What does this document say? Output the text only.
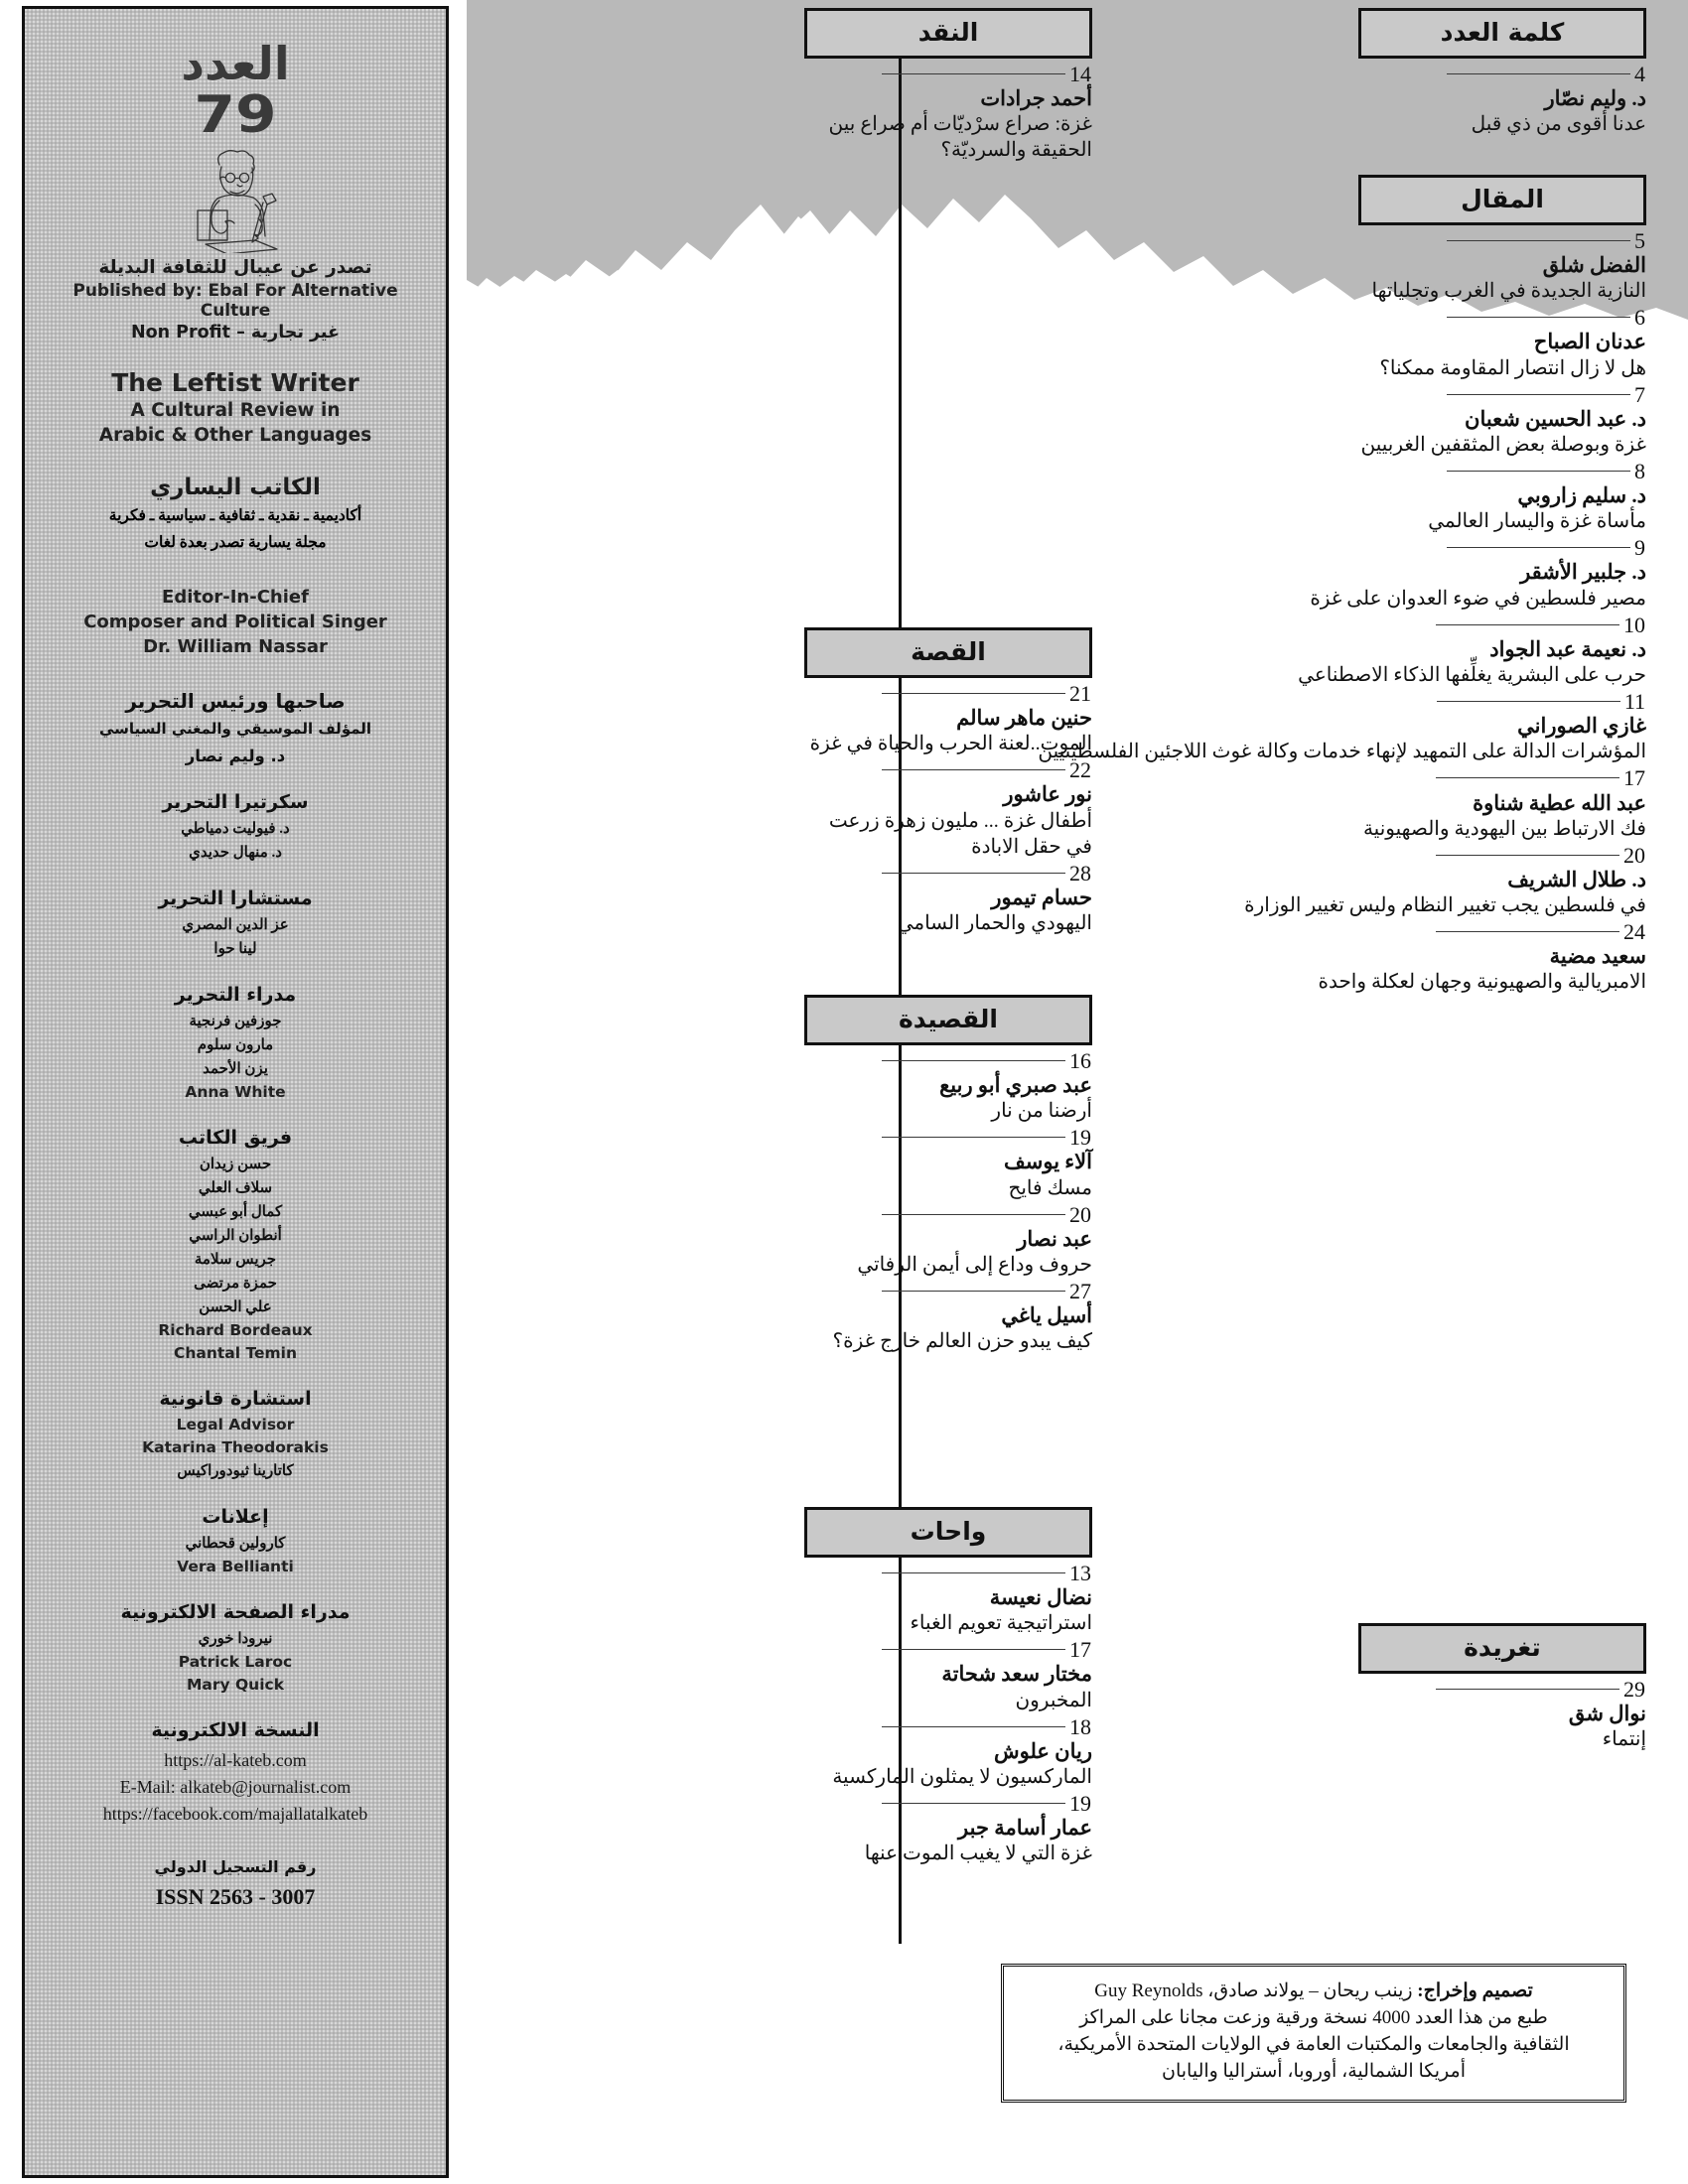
العدد
79
تصدر عن عيبال للثقافة البديلة
Published by: Ebal For Alternative Culture
غير تجارية – Non Profit
The Leftist Writer
A Cultural Review in
Arabic & Other Languages
الكاتب اليساري
أكاديمية ـ نقدية ـ ثقافية ـ سياسية ـ فكرية
مجلة يسارية تصدر بعدة لغات
Editor-In-Chief
Composer and Political Singer
Dr. William Nassar
صاحبها ورئيس التحرير
المؤلف الموسيقي والمغني السياسي
د. وليم نصار
سكرتيرا التحرير
د. فيوليت دمياطي
د. منهال حديدي
مستشارا التحرير
عز الدين المصري
لينا حوا
مدراء التحرير
جوزفين فرنجية
مارون سلوم
يزن الأحمد
Anna White
فريق الكاتب
حسن زيدان
سلاف العلي
كمال أبو عبسي
أنطوان الراسي
جريس سلامة
حمزة مرتضى
علي الحسن
Richard Bordeaux
Chantal Temin
استشارة قانونية
Legal Advisor
Katarina Theodorakis
كاتارينا ثيودوراكيس
إعلانات
كارولين قحطاني
Vera Bellianti
مدراء الصفحة الالكترونية
نيرودا خوري
Patrick Laroc
Mary Quick
النسخة الالكترونية
https://al-kateb.com
E-Mail: alkateb@journalist.com
https://facebook.com/majallatalkateb
رقم التسجيل الدولي
ISSN 2563 - 3007
كلمة العدد
4
د. وليم نصّار
عدنا أقوى من ذي قبل
النقد
14
أحمد جرادات
غزة: صراع سرْديّات أم صراع بين الحقيقة والسرديّة؟
المقال
5
الفضل شلق
النازية الجديدة في الغرب وتجلياتها
6
عدنان الصباح
هل لا زال انتصار المقاومة ممكنا؟
7
د. عبد الحسين شعبان
غزة وبوصلة بعض المثقفين الغربيين
8
د. سليم زاروبي
مأساة غزة واليسار العالمي
9
د. جلبير الأشقر
مصير فلسطين في ضوء العدوان على غزة
10
د. نعيمة عبد الجواد
حرب على البشرية يغلِّفها الذكاء الاصطناعي
11
غازي الصوراني
المؤشرات الدالة على التمهيد لإنهاء خدمات وكالة غوث اللاجئين الفلسطينيين
17
عبد الله عطية شناوة
فك الارتباط بين اليهودية والصهيونية
20
د. طلال الشريف
في فلسطين يجب تغيير النظام وليس تغيير الوزارة
24
سعيد مضية
الامبريالية والصهيونية وجهان لعكلة واحدة
القصة
21
حنين ماهر سالم
الموت..لعنة الحرب والحياة في غزة
22
نور عاشور
أطفال غزة ... مليون زهرة زرعت في حقل الابادة
28
حسام تيمور
اليهودي والحمار السامي
القصيدة
16
عبد صبري أبو ربيع
أرضنا من نار
19
آلاء يوسف
مسك فايح
20
عبد نصار
حروف وداع إلى أيمن الرفاتي
27
أسيل ياغي
كيف يبدو حزن العالم خارج غزة؟
واحات
13
نضال نعيسة
استراتيجية تعويم الغباء
17
مختار سعد شحاتة
المخبرون
18
ريان علوش
الماركسيون لا يمثلون الماركسية
19
عمار أسامة جبر
غزة التي لا يغيب الموت عنها
تغريدة
29
نوال شق
إنتماء
تصميم وإخراج: زينب ريحان – يولاند صادق، Guy Reynolds
طبع من هذا العدد 4000 نسخة ورقية وزعت مجانا على المراكز
الثقافية والجامعات والمكتبات العامة في الولايات المتحدة الأمريكية،
أمريكا الشمالية، أوروبا، أستراليا واليابان
